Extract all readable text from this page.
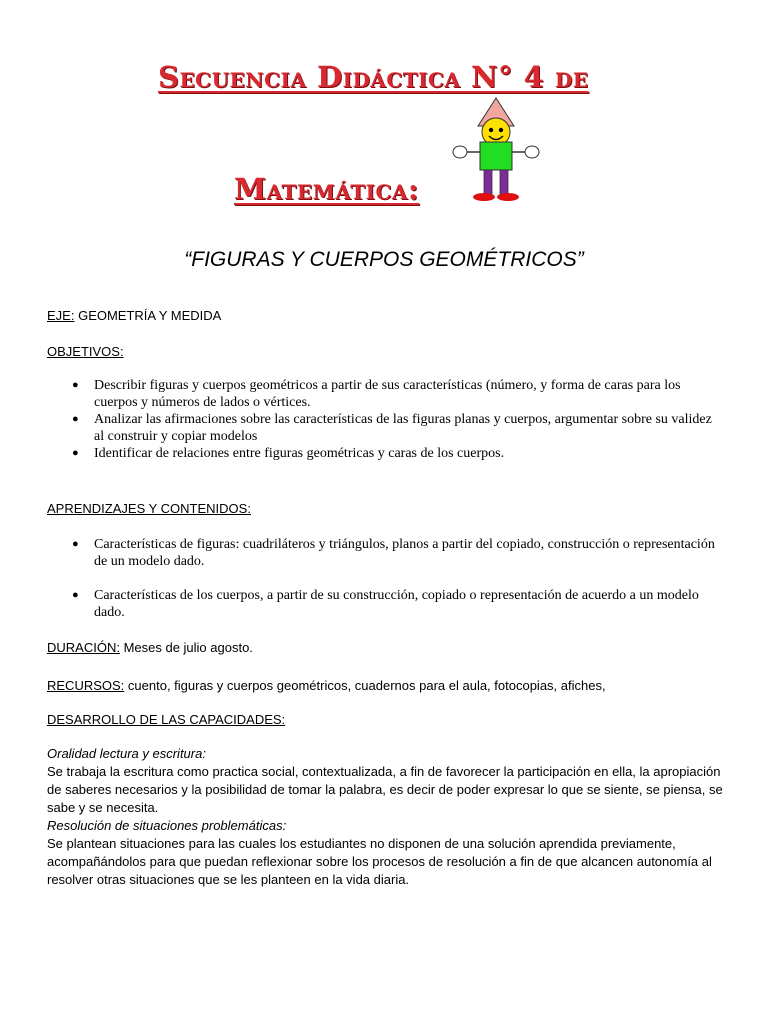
Secuencia Didáctica N° 4 de
Matemática:
“FIGURAS Y CUERPOS GEOMÉTRICOS”
EJE: GEOMETRÍA Y MEDIDA
OBJETIVOS:
● Describir figuras y cuerpos geométricos a partir de sus características (número, y forma de caras para los cuerpos y números de lados o vértices.
● Analizar las afirmaciones sobre las características de las figuras planas y cuerpos, argumentar sobre su validez al construir y copiar modelos
● Identificar de relaciones entre figuras geométricas y caras de los cuerpos.
APRENDIZAJES Y CONTENIDOS:
● Características de figuras: cuadriláteros y triángulos, planos a partir del copiado, construcción o representación de un modelo dado.
● Características de los cuerpos, a partir de su construcción, copiado o representación de acuerdo a un modelo dado.
DURACIÓN: Meses de julio agosto.
RECURSOS: cuento, figuras y cuerpos geométricos, cuadernos para el aula, fotocopias, afiches,
DESARROLLO DE LAS CAPACIDADES:
Oralidad lectura y escritura:
Se trabaja la escritura como practica social, contextualizada, a fin de favorecer la participación en ella, la apropiación de saberes necesarios y la posibilidad de tomar la palabra, es decir de poder expresar lo que se siente, se piensa, se sabe y se necesita.
Resolución de situaciones problemáticas:
Se plantean situaciones para las cuales los estudiantes no disponen de una solución aprendida previamente, acompañándolos para que puedan reflexionar sobre los procesos de resolución a fin de que alcancen autonomía al resolver otras situaciones que se les planteen en la vida diaria.
